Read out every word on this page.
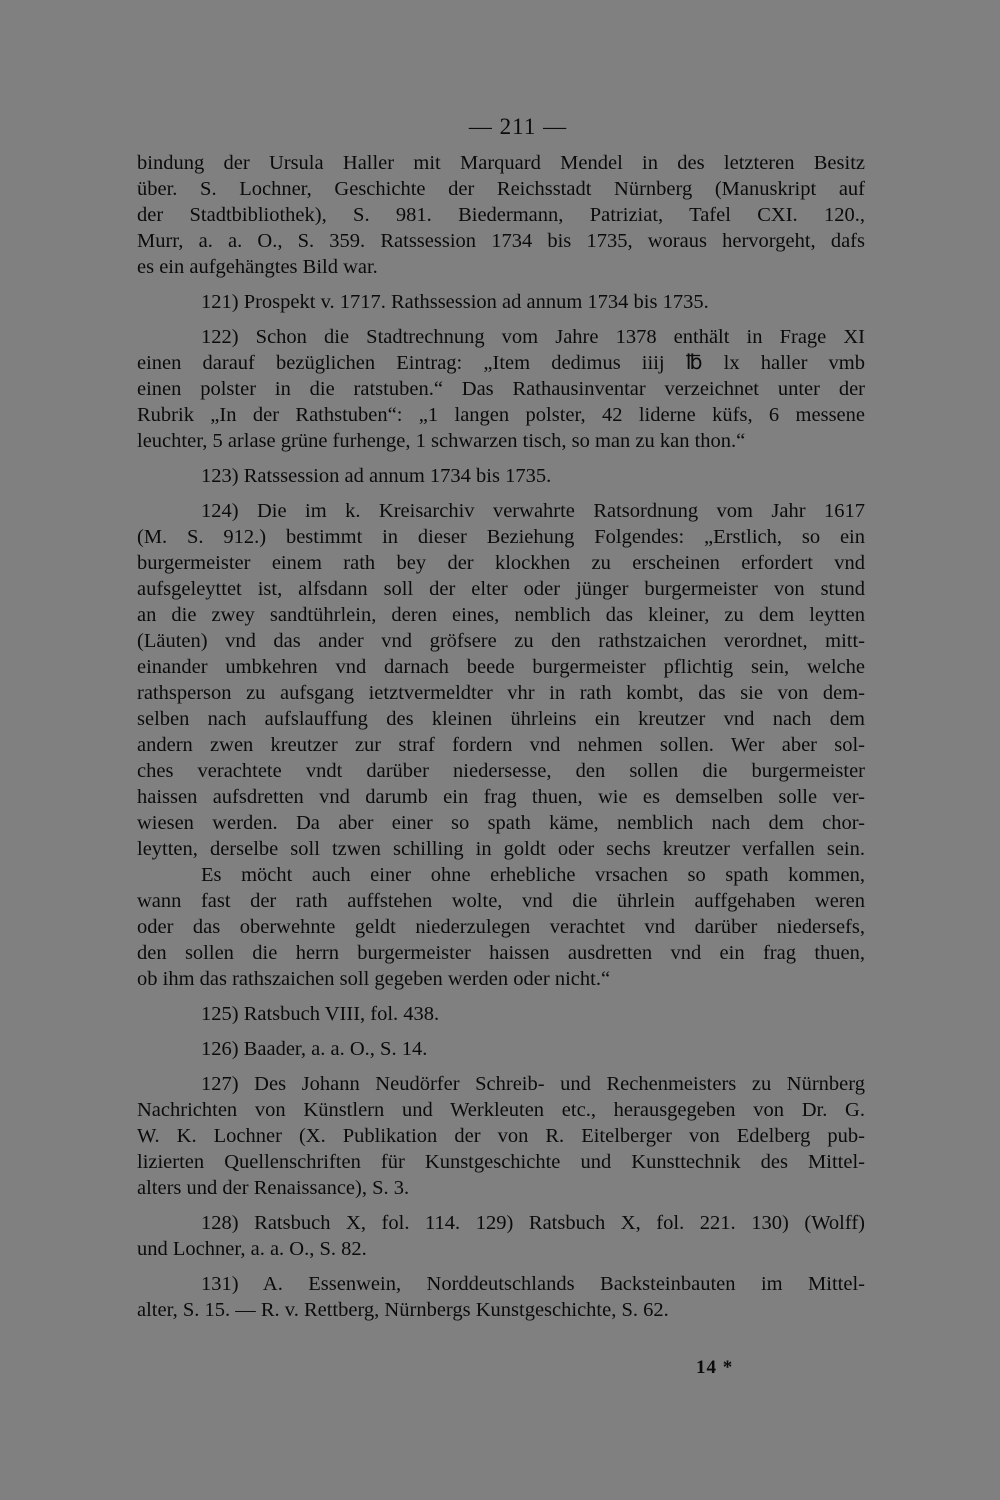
— 211 —
bindung der Ursula Haller mit Marquard Mendel in des letzteren Besitz
über. S. Lochner, Geschichte der Reichsstadt Nürnberg (Manuskript auf
der Stadtbibliothek), S. 981. Biedermann, Patriziat, Tafel CXI. 120.,
Murr, a. a. O., S. 359. Ratssession 1734 bis 1735, woraus hervorgeht, dafs
es ein aufgehängtes Bild war.
121) Prospekt v. 1717. Rathssession ad annum 1734 bis 1735.
122) Schon die Stadtrechnung vom Jahre 1378 enthält in Frage XI
einen darauf bezüglichen Eintrag: „Item dedimus iiij ℔ lx haller vmb
einen polster in die ratstuben.“ Das Rathausinventar verzeichnet unter der
Rubrik „In der Rathstuben“: „1 langen polster, 42 liderne küfs, 6 messene
leuchter, 5 arlase grüne furhenge, 1 schwarzen tisch, so man zu kan thon.“
123) Ratssession ad annum 1734 bis 1735.
124) Die im k. Kreisarchiv verwahrte Ratsordnung vom Jahr 1617
(M. S. 912.) bestimmt in dieser Beziehung Folgendes: „Erstlich, so ein
burgermeister einem rath bey der klockhen zu erscheinen erfordert vnd
aufsgeleyttet ist, alfsdann soll der elter oder jünger burgermeister von stund
an die zwey sandtührlein, deren eines, nemblich das kleiner, zu dem leytten
(Läuten) vnd das ander vnd gröfsere zu den rathstzaichen verordnet, mitt-
einander umbkehren vnd darnach beede burgermeister pflichtig sein, welche
rathsperson zu aufsgang ietztvermeldter vhr in rath kombt, das sie von dem-
selben nach aufslauffung des kleinen ührleins ein kreutzer vnd nach dem
andern zwen kreutzer zur straf fordern vnd nehmen sollen. Wer aber sol-
ches verachtete vndt darüber niedersesse, den sollen die burgermeister
haissen aufsdretten vnd darumb ein frag thuen, wie es demselben solle ver-
wiesen werden. Da aber einer so spath käme, nemblich nach dem chor-
leytten, derselbe soll tzwen schilling in goldt oder sechs kreutzer verfallen sein.
Es möcht auch einer ohne erhebliche vrsachen so spath kommen,
wann fast der rath auffstehen wolte, vnd die ührlein auffgehaben weren
oder das oberwehnte geldt niederzulegen verachtet vnd darüber niedersefs,
den sollen die herrn burgermeister haissen ausdretten vnd ein frag thuen,
ob ihm das rathszaichen soll gegeben werden oder nicht.“
125) Ratsbuch VIII, fol. 438.
126) Baader, a. a. O., S. 14.
127) Des Johann Neudörfer Schreib- und Rechenmeisters zu Nürnberg
Nachrichten von Künstlern und Werkleuten etc., herausgegeben von Dr. G.
W. K. Lochner (X. Publikation der von R. Eitelberger von Edelberg pub-
lizierten Quellenschriften für Kunstgeschichte und Kunsttechnik des Mittel-
alters und der Renaissance), S. 3.
128) Ratsbuch X, fol. 114. 129) Ratsbuch X, fol. 221. 130) (Wolff)
und Lochner, a. a. O., S. 82.
131) A. Essenwein, Norddeutschlands Backsteinbauten im Mittel-
alter, S. 15. — R. v. Rettberg, Nürnbergs Kunstgeschichte, S. 62.
14 *
